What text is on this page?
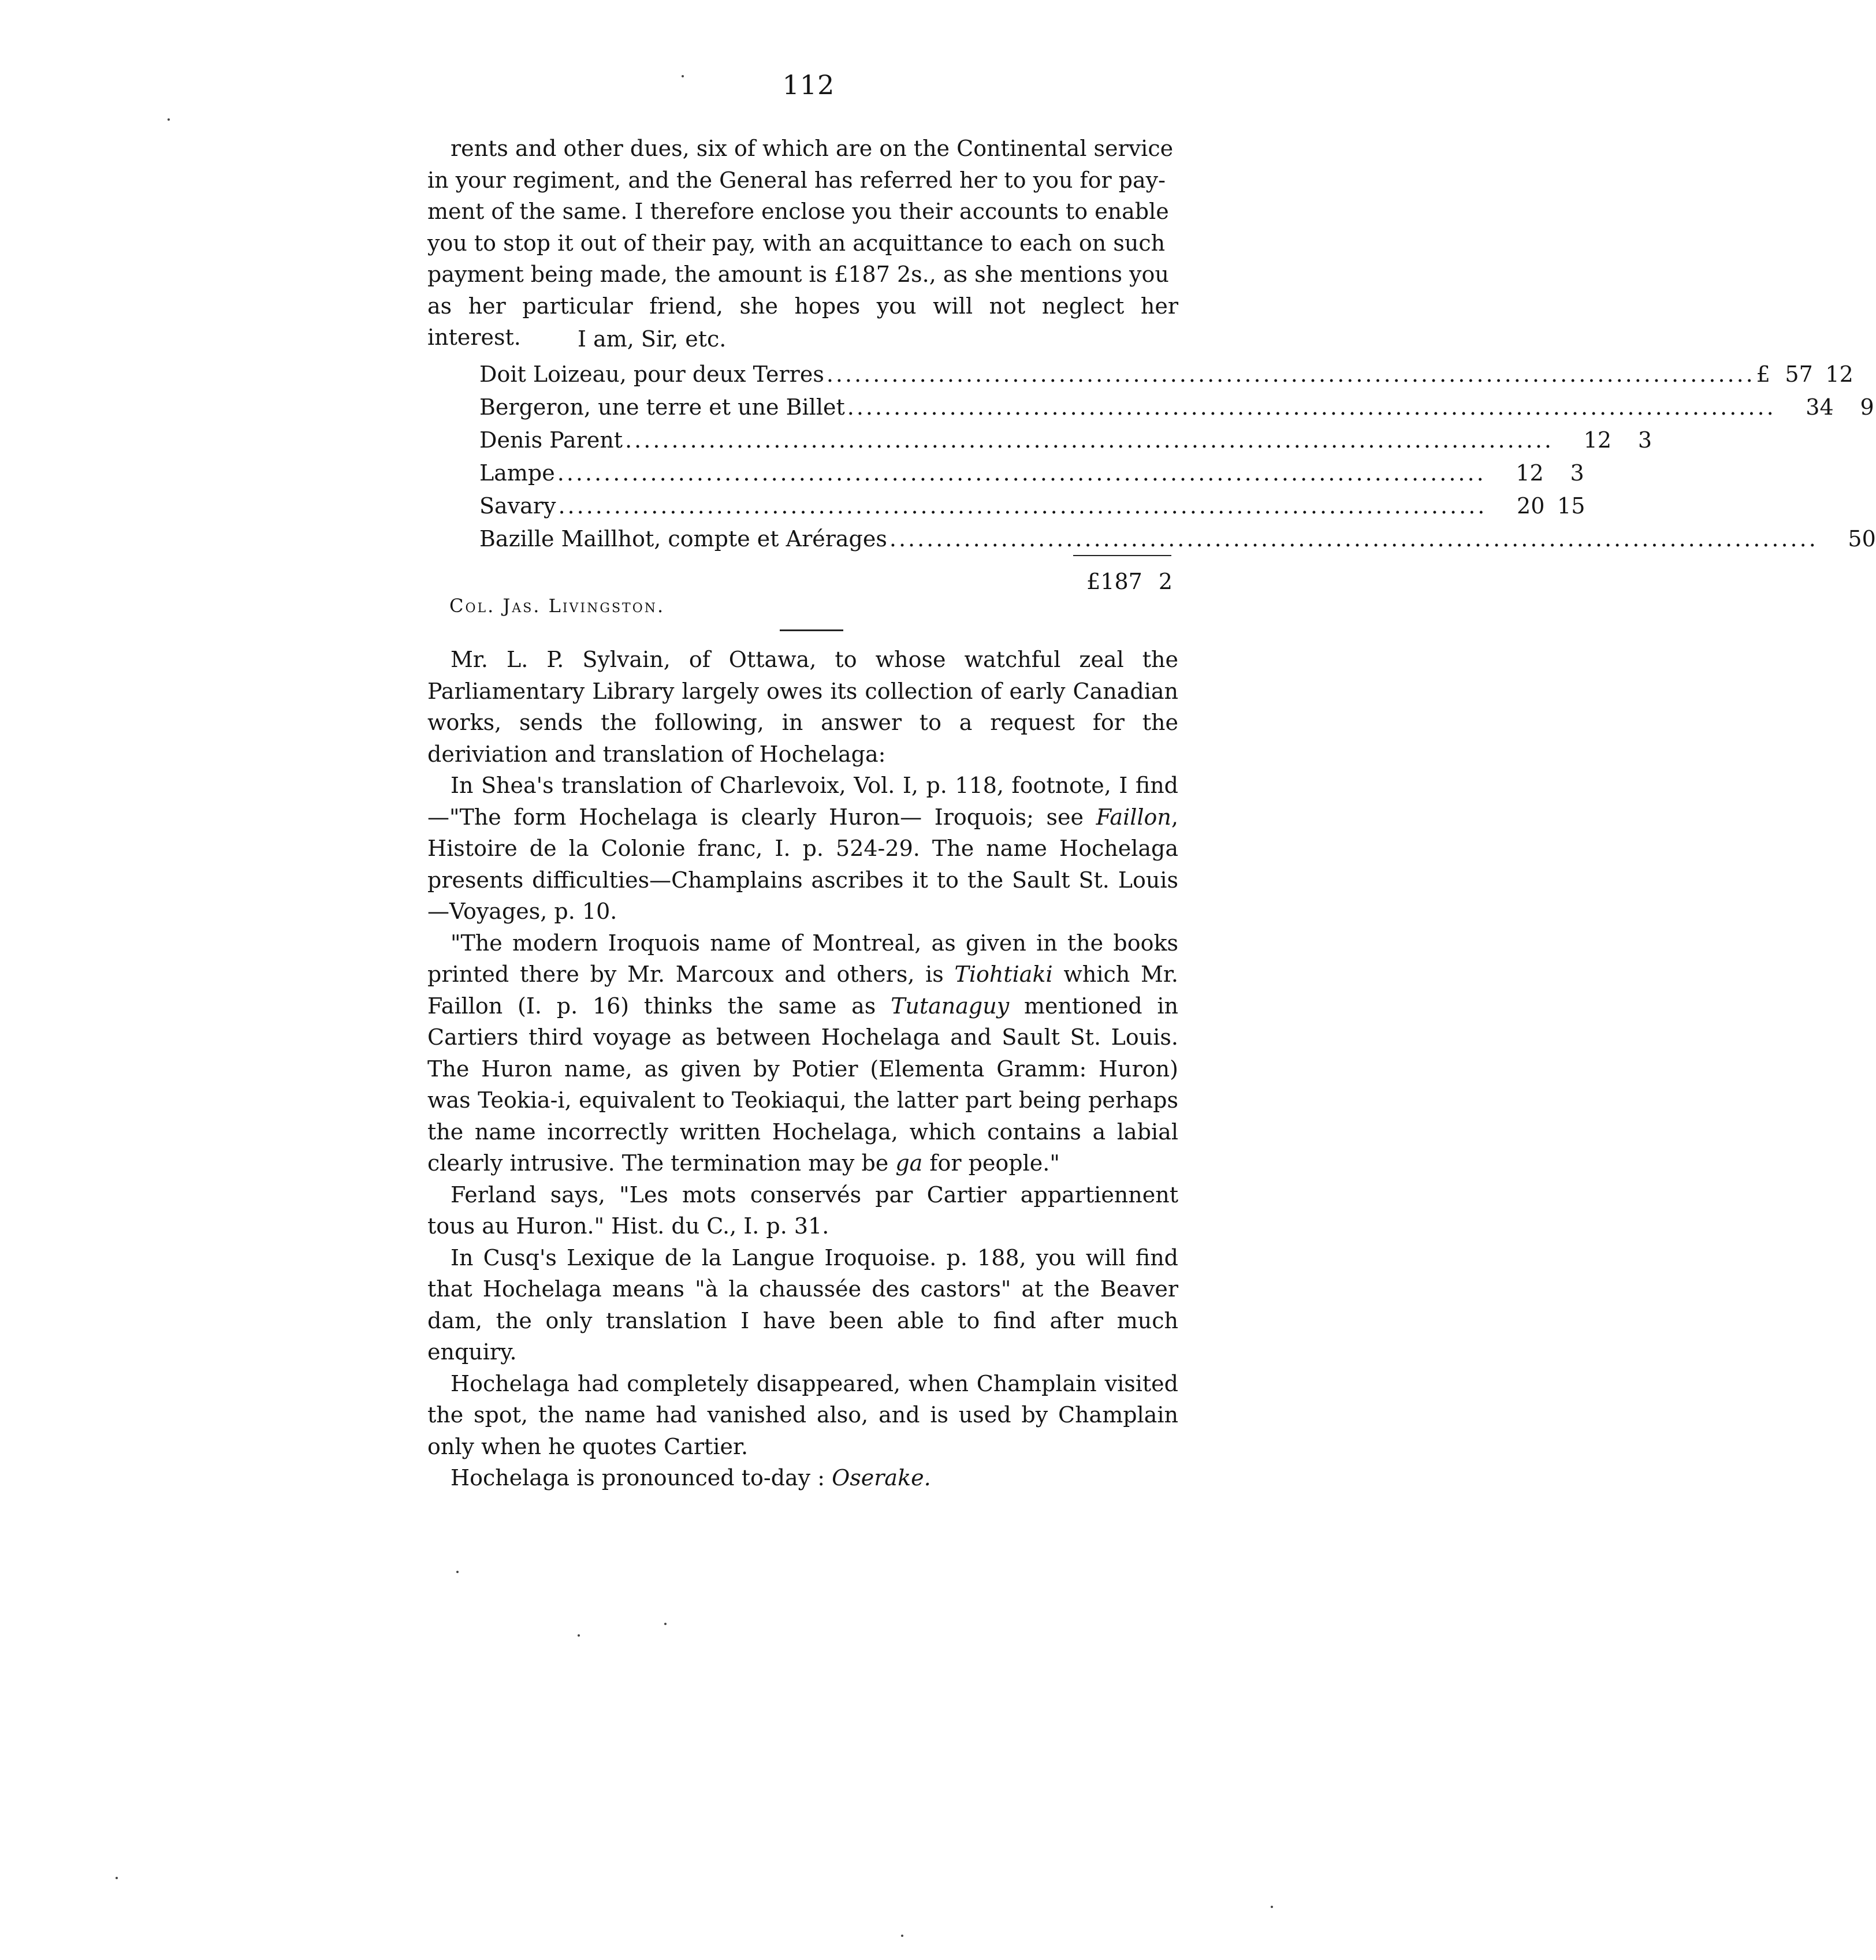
112

rents and other dues, six of which are on the Continental service

in your regiment, and the General has referred her to you for pay-

ment of the same. I therefore enclose you their accounts to enable

you to stop it out of their pay, with an acquittance to each on such

payment being made, the amount is £187 2s., as she mentions you

as her particular friend, she hopes you will not neglect her interest.	I am, Sir, etc.
Doit Loizeau, pour deux Terres .................................................................................................... £ 57 12
Bergeron, une terre et une Billet ....................................................................................................	34	9
Denis Parent ....................................................................................................	12	3
Lampe ....................................................................................................	12	3
Savary ....................................................................................................	20 15
Bazille Maillhot, compte et Arérages ....................................................................................................	50
£187 2
Col. Jas. Livingston.

Mr. L. P. Sylvain, of Ottawa, to whose watchful zeal the Parliamentary Library largely owes its collection of early Canadian works, sends the following, in answer to a request for the deriviation and translation of Hochelaga:

In Shea's translation of Charlevoix, Vol. I, p. 118, footnote, I find—"The form Hochelaga is clearly Huron— Iroquois; see Faillon, Histoire de la Colonie franc, I. p. 524-29. The name Hochelaga presents difficulties—Champlains ascribes it to the Sault St. Louis —Voyages, p. 10.

"The modern Iroquois name of Montreal, as given in the books printed there by Mr. Marcoux and others, is Tiohtiaki which Mr. Faillon (I. p. 16) thinks the same as Tutanaguy mentioned in Cartiers third voyage as between Hochelaga and Sault St. Louis. The Huron name, as given by Potier (Elementa Gramm: Huron) was Teokia-i, equivalent to Teokiaqui, the latter part being perhaps the name incorrectly written Hochelaga, which contains a labial clearly intrusive. The termination may be ga for people."

Ferland says, "Les mots conservés par Cartier appartiennent tous au Huron." Hist. du C., I. p. 31.

In Cusq's Lexique de la Langue Iroquoise. p. 188, you will find that Hochelaga means "à la chaussée des castors" at the Beaver dam, the only translation I have been able to find after much enquiry.

Hochelaga had completely disappeared, when Champlain visited the spot, the name had vanished also, and is used by Champlain only when he quotes Cartier.

Hochelaga is pronounced to-day : Oserake.
